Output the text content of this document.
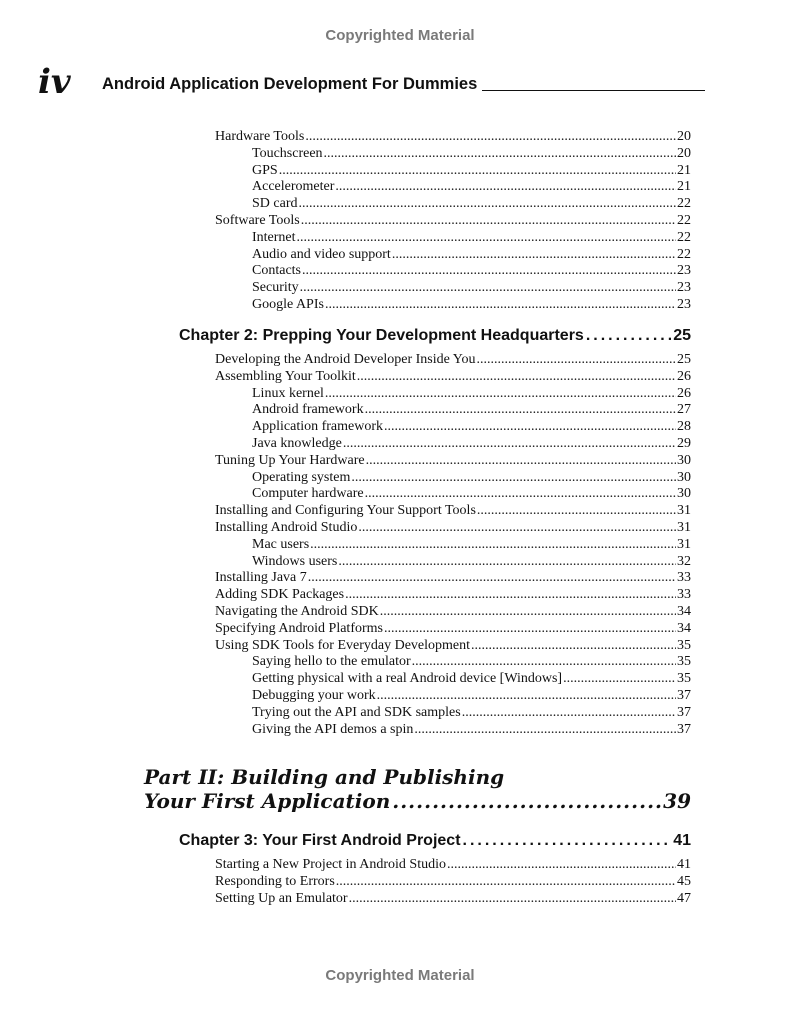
Copyrighted Material
iv Android Application Development For Dummies
Hardware Tools .....	20
Touchscreen .....	20
GPS .....	21
Accelerometer .....	21
SD card .....	22
Software Tools .....	22
Internet .....	22
Audio and video support .....	22
Contacts .....	23
Security .....	23
Google APIs .....	23
Chapter 2: Prepping Your Development Headquarters .....	25
Developing the Android Developer Inside You .....	25
Assembling Your Toolkit .....	26
Linux kernel .....	26
Android framework .....	27
Application framework .....	28
Java knowledge .....	29
Tuning Up Your Hardware .....	30
Operating system .....	30
Computer hardware .....	30
Installing and Configuring Your Support Tools .....	31
Installing Android Studio .....	31
Mac users .....	31
Windows users .....	32
Installing Java 7 .....	33
Adding SDK Packages .....	33
Navigating the Android SDK .....	34
Specifying Android Platforms .....	34
Using SDK Tools for Everyday Development .....	35
Saying hello to the emulator .....	35
Getting physical with a real Android device [Windows] .....	35
Debugging your work .....	37
Trying out the API and SDK samples .....	37
Giving the API demos a spin .....	37
Part II: Building and Publishing
Your First Application .....	39
Chapter 3: Your First Android Project .....	41
Starting a New Project in Android Studio .....	41
Responding to Errors .....	45
Setting Up an Emulator .....	47
Copyrighted Material
